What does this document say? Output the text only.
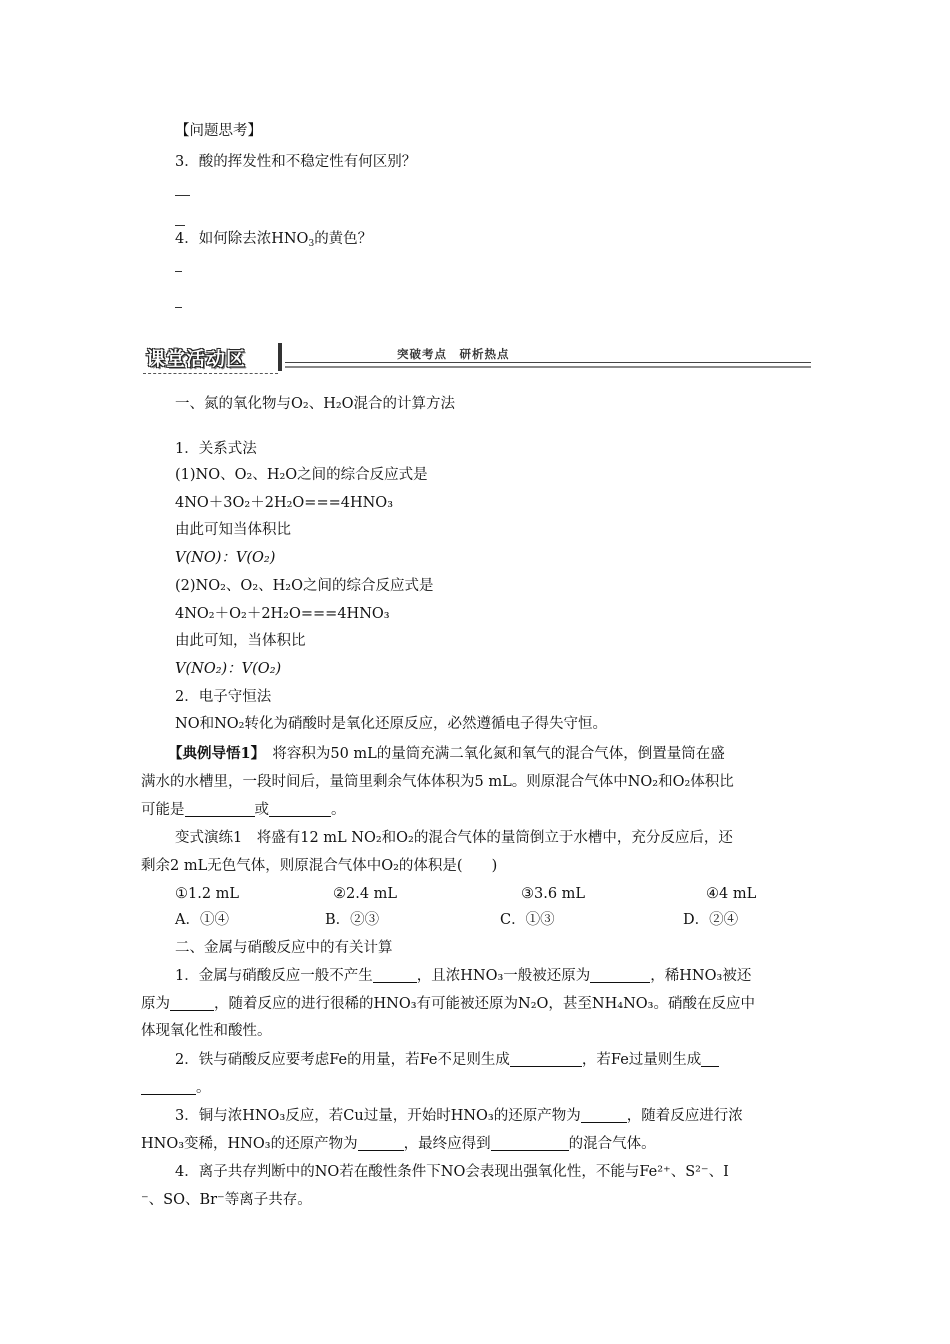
【问题思考】
3．酸的挥发性和不稳定性有何区别？
4．如何除去浓$HNO_3$的黄色？
课堂活动区	突破考点　研析热点
一、氮的氧化物与O₂、H₂O混合的计算方法
1．关系式法
(1)NO、O₂、H₂O之间的综合反应式是
4NO＋3O₂＋2H₂O===4HNO₃
由此可知当体积比
V(NO)：V(O₂)
(2)NO₂、O₂、H₂O之间的综合反应式是
4NO₂＋O₂＋2H₂O===4HNO₃
由此可知，当体积比
V(NO₂)：V(O₂)
2．电子守恒法
NO和NO₂转化为硝酸时是氧化还原反应，必然遵循电子得失守恒。
【典例导悟1】　将容积为50 mL的量筒充满二氧化氮和氧气的混合气体，倒置量筒在盛
满水的水槽里，一段时间后，量筒里剩余气体体积为5 mL。则原混合气体中NO₂和O₂体积比
可能是	或	。
变式演练1　将盛有12 mL NO₂和O₂的混合气体的量筒倒立于水槽中，充分反应后，还
剩余2 mL无色气体，则原混合气体中O₂的体积是(　　)
①1.2 mL	②2.4 mL	③3.6 mL	④4 mL
A．①④	B．②③	C．①③	D．②④
二、金属与硝酸反应中的有关计算
1．金属与硝酸反应一般不产生	，且浓HNO₃一般被还原为	，稀HNO₃被还
原为	，随着反应的进行很稀的HNO₃有可能被还原为N₂O，甚至NH₄NO₃。硝酸在反应中
体现氧化性和酸性。
2．铁与硝酸反应要考虑Fe的用量，若Fe不足则生成	，若Fe过量则生成
。
3．铜与浓HNO₃反应，若Cu过量，开始时HNO₃的还原产物为	，随着反应进行浓
HNO₃变稀，HNO₃的还原产物为	，最终应得到	的混合气体。
4．离子共存判断中的NO若在酸性条件下NO会表现出强氧化性，不能与Fe²⁺、S²⁻、I
⁻、SO、Br⁻等离子共存。
